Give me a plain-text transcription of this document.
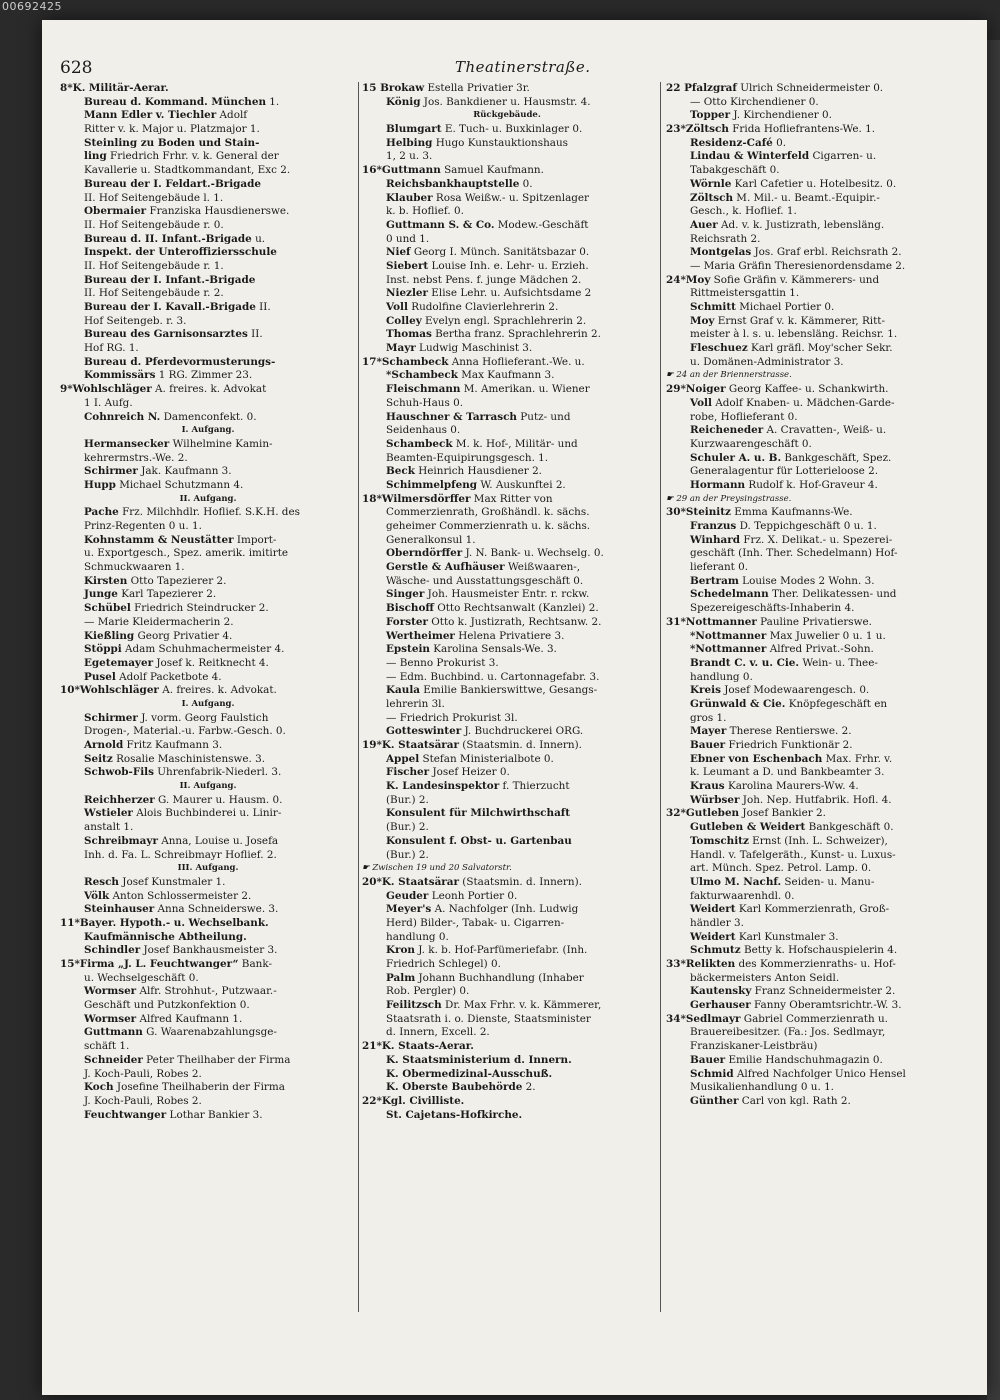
00692425
628	Theatinerstraße.
8*K. Militär-Aerar.
Bureau d. Kommand. München 1.
Mann Edler v. Tiechler Adolf
Ritter v. k. Major u. Platzmajor 1.
Steinling zu Boden und Stain-
ling Friedrich Frhr. v. k. General der
Kavallerie u. Stadtkommandant, Exc 2.
Bureau der I. Feldart.-Brigade
II. Hof Seitengebäude l. 1.
Obermaier Franziska Hausdienerswe.
II. Hof Seitengebäude r. 0.
Bureau d. II. Infant.-Brigade u.
Inspekt. der Unteroffiziersschule
II. Hof Seitengebäude r. 1.
Bureau der I. Infant.-Brigade
II. Hof Seitengebäude r. 2.
Bureau der I. Kavall.-Brigade II.
Hof Seitengeb. r. 3.
Bureau des Garnisonsarztes II.
Hof RG. 1.
Bureau d. Pferdevormusterungs-
Kommissärs 1 RG. Zimmer 23.
9*Wohlschläger A. freires. k. Advokat
1 I. Aufg.
Cohnreich N. Damenconfekt. 0.
I. Aufgang.
Hermansecker Wilhelmine Kamin-
kehrermstrs.-We. 2.
Schirmer Jak. Kaufmann 3.
Hupp Michael Schutzmann 4.
II. Aufgang.
Pache Frz. Milchhdlr. Hoflief. S.K.H. des
Prinz-Regenten 0 u. 1.
Kohnstamm & Neustätter Import-
u. Exportgesch., Spez. amerik. imitirte
Schmuckwaaren 1.
Kirsten Otto Tapezierer 2.
Junge Karl Tapezierer 2.
Schübel Friedrich Steindrucker 2.
— Marie Kleidermacherin 2.
Kießling Georg Privatier 4.
Stöppi Adam Schuhmachermeister 4.
Egetemayer Josef k. Reitknecht 4.
Pusel Adolf Packetbote 4.
10*Wohlschläger A. freires. k. Advokat.
I. Aufgang.
Schirmer J. vorm. Georg Faulstich
Drogen-, Material.-u. Farbw.-Gesch. 0.
Arnold Fritz Kaufmann 3.
Seitz Rosalie Maschinistenswe. 3.
Schwob-Fils Uhrenfabrik-Niederl. 3.
II. Aufgang.
Reichherzer G. Maurer u. Hausm. 0.
Wstieler Alois Buchbinderei u. Linir-
anstalt 1.
Schreibmayr Anna, Louise u. Josefa
Inh. d. Fa. L. Schreibmayr Hoflief. 2.
III. Aufgang.
Resch Josef Kunstmaler 1.
Völk Anton Schlossermeister 2.
Steinhauser Anna Schneiderswe. 3.
11*Bayer. Hypoth.- u. Wechselbank.
Kaufmännische Abtheilung.
Schindler Josef Bankhausmeister 3.
15*Firma „J. L. Feuchtwanger“ Bank-
u. Wechselgeschäft 0.
Wormser Alfr. Strohhut-, Putzwaar.-
Geschäft und Putzkonfektion 0.
Wormser Alfred Kaufmann 1.
Guttmann G. Waarenabzahlungsge-
schäft 1.
Schneider Peter Theilhaber der Firma
J. Koch-Pauli, Robes 2.
Koch Josefine Theilhaberin der Firma
J. Koch-Pauli, Robes 2.
Feuchtwanger Lothar Bankier 3.
15 Brokaw Estella Privatier 3r.
König Jos. Bankdiener u. Hausmstr. 4.
Rückgebäude.
Blumgart E. Tuch- u. Buxkinlager 0.
Helbing Hugo Kunstauktionshaus
1, 2 u. 3.
16*Guttmann Samuel Kaufmann.
Reichsbankhauptstelle 0.
Klauber Rosa Weißw.- u. Spitzenlager
k. b. Hoflief. 0.
Guttmann S. & Co. Modew.-Geschäft
0 und 1.
Nief Georg I. Münch. Sanitätsbazar 0.
Siebert Louise Inh. e. Lehr- u. Erzieh.
Inst. nebst Pens. f. junge Mädchen 2.
Niezler Elise Lehr. u. Aufsichtsdame 2
Voll Rudolfine Clavierlehrerin 2.
Colley Evelyn engl. Sprachlehrerin 2.
Thomas Bertha franz. Sprachlehrerin 2.
Mayr Ludwig Maschinist 3.
17*Schambeck Anna Hoflieferant.-We. u.
*Schambeck Max Kaufmann 3.
Fleischmann M. Amerikan. u. Wiener
Schuh-Haus 0.
Hauschner & Tarrasch Putz- und
Seidenhaus 0.
Schambeck M. k. Hof-, Militär- und
Beamten-Equipirungsgesch. 1.
Beck Heinrich Hausdiener 2.
Schimmelpfeng W. Auskunftei 2.
18*Wilmersdörffer Max Ritter von
Commerzienrath, Großhändl. k. sächs.
geheimer Commerzienrath u. k. sächs.
Generalkonsul 1.
Oberndörffer J. N. Bank- u. Wechselg. 0.
Gerstle & Aufhäuser Weißwaaren-,
Wäsche- und Ausstattungsgeschäft 0.
Singer Joh. Hausmeister Entr. r. rckw.
Bischoff Otto Rechtsanwalt (Kanzlei) 2.
Forster Otto k. Justizrath, Rechtsanw. 2.
Wertheimer Helena Privatiere 3.
Epstein Karolina Sensals-We. 3.
— Benno Prokurist 3.
— Edm. Buchbind. u. Cartonnagefabr. 3.
Kaula Emilie Bankierswittwe, Gesangs-
lehrerin 3l.
— Friedrich Prokurist 3l.
Gotteswinter J. Buchdruckerei ORG.
19*K. Staatsärar (Staatsmin. d. Innern).
Appel Stefan Ministerialbote 0.
Fischer Josef Heizer 0.
K. Landesinspektor f. Thierzucht
(Bur.) 2.
Konsulent für Milchwirthschaft
(Bur.) 2.
Konsulent f. Obst- u. Gartenbau
(Bur.) 2.
☛ Zwischen 19 und 20 Salvatorstr.
20*K. Staatsärar (Staatsmin. d. Innern).
Geuder Leonh Portier 0.
Meyer's A. Nachfolger (Inh. Ludwig
Herd) Bilder-, Tabak- u. Cigarren-
handlung 0.
Kron J. k. b. Hof-Parfümeriefabr. (Inh.
Friedrich Schlegel) 0.
Palm Johann Buchhandlung (Inhaber
Rob. Pergler) 0.
Feilitzsch Dr. Max Frhr. v. k. Kämmerer,
Staatsrath i. o. Dienste, Staatsminister
d. Innern, Excell. 2.
21*K. Staats-Aerar.
K. Staatsministerium d. Innern.
K. Obermedizinal-Ausschuß.
K. Oberste Baubehörde 2.
22*Kgl. Civilliste.
St. Cajetans-Hofkirche.
22 Pfalzgraf Ulrich Schneidermeister 0.
— Otto Kirchendiener 0.
Topper J. Kirchendiener 0.
23*Zöltsch Frida Hofliefrantens-We. 1.
Residenz-Café 0.
Lindau & Winterfeld Cigarren- u.
Tabakgeschäft 0.
Wörnle Karl Cafetier u. Hotelbesitz. 0.
Zöltsch M. Mil.- u. Beamt.-Equipir.-
Gesch., k. Hoflief. 1.
Auer Ad. v. k. Justizrath, lebensläng.
Reichsrath 2.
Montgelas Jos. Graf erbl. Reichsrath 2.
— Maria Gräfin Theresienordensdame 2.
24*Moy Sofie Gräfin v. Kämmerers- und
Rittmeistersgattin 1.
Schmitt Michael Portier 0.
Moy Ernst Graf v. k. Kämmerer, Ritt-
meister à l. s. u. lebensläng. Reichsr. 1.
Fleschuez Karl gräfl. Moy'scher Sekr.
u. Domänen-Administrator 3.
☛ 24 an der Briennerstrasse.
29*Noiger Georg Kaffee- u. Schankwirth.
Voll Adolf Knaben- u. Mädchen-Garde-
robe, Hoflieferant 0.
Reicheneder A. Cravatten-, Weiß- u.
Kurzwaarengeschäft 0.
Schuler A. u. B. Bankgeschäft, Spez.
Generalagentur für Lotterieloose 2.
Hormann Rudolf k. Hof-Graveur 4.
☛ 29 an der Preysingstrasse.
30*Steinitz Emma Kaufmanns-We.
Franzus D. Teppichgeschäft 0 u. 1.
Winhard Frz. X. Delikat.- u. Spezerei-
geschäft (Inh. Ther. Schedelmann) Hof-
lieferant 0.
Bertram Louise Modes 2 Wohn. 3.
Schedelmann Ther. Delikatessen- und
Spezereigeschäfts-Inhaberin 4.
31*Nottmanner Pauline Privatierswe.
*Nottmanner Max Juwelier 0 u. 1 u.
*Nottmanner Alfred Privat.-Sohn.
Brandt C. v. u. Cie. Wein- u. Thee-
handlung 0.
Kreis Josef Modewaarengesch. 0.
Grünwald & Cie. Knöpfegeschäft en
gros 1.
Mayer Therese Rentierswe. 2.
Bauer Friedrich Funktionär 2.
Ebner von Eschenbach Max. Frhr. v.
k. Leumant a D. und Bankbeamter 3.
Kraus Karolina Maurers-Ww. 4.
Würbser Joh. Nep. Hutfabrik. Hofl. 4.
32*Gutleben Josef Bankier 2.
Gutleben & Weidert Bankgeschäft 0.
Tomschitz Ernst (Inh. L. Schweizer),
Handl. v. Tafelgeräth., Kunst- u. Luxus-
art. Münch. Spez. Petrol. Lamp. 0.
Ulmo M. Nachf. Seiden- u. Manu-
fakturwaarenhdl. 0.
Weidert Karl Kommerzienrath, Groß-
händler 3.
Weidert Karl Kunstmaler 3.
Schmutz Betty k. Hofschauspielerin 4.
33*Relikten des Kommerzienraths- u. Hof-
bäckermeisters Anton Seidl.
Kautensky Franz Schneidermeister 2.
Gerhauser Fanny Oberamtsrichtr.-W. 3.
34*Sedlmayr Gabriel Commerzienrath u.
Brauereibesitzer. (Fa.: Jos. Sedlmayr,
Franziskaner-Leistbräu)
Bauer Emilie Handschuhmagazin 0.
Schmid Alfred Nachfolger Unico Hensel
Musikalienhandlung 0 u. 1.
Günther Carl von kgl. Rath 2.
